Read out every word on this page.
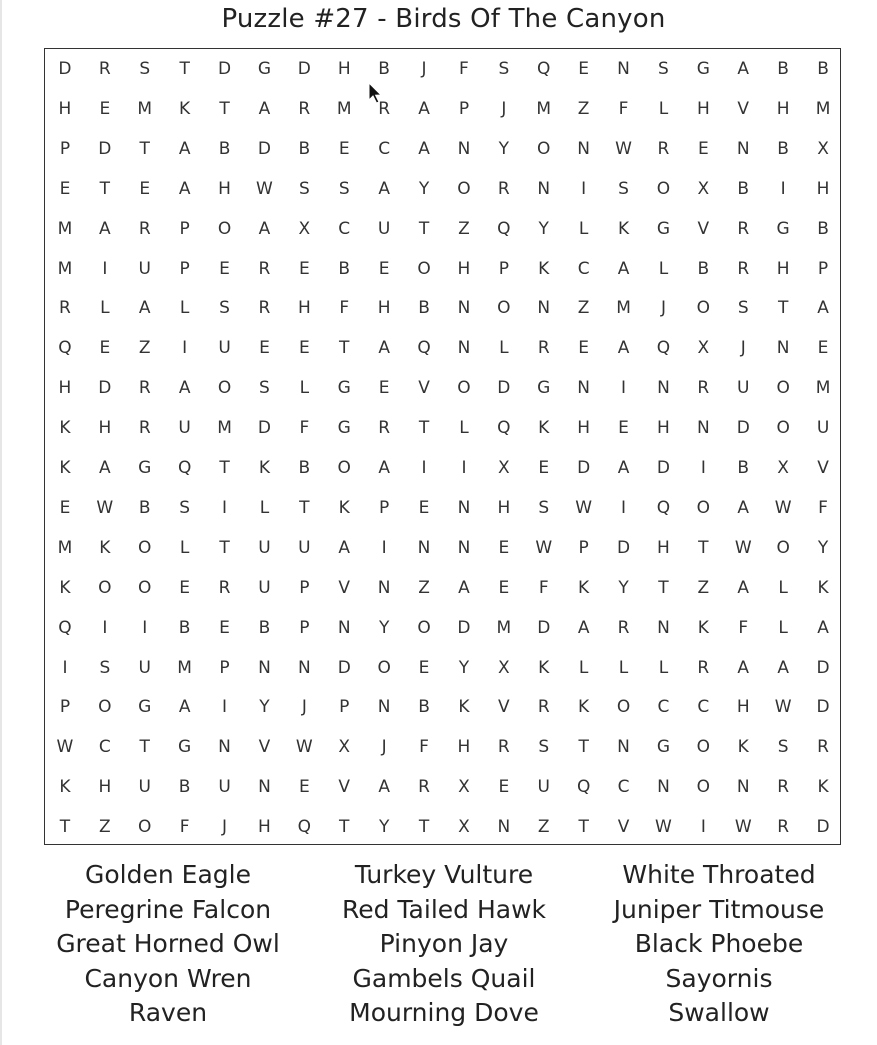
Puzzle #27 - Birds Of The Canyon
D	R	S	T	D	G	D	H	B	J	F	S	Q	E	N	S	G	A	B	B
H	E	M	K	T	A	R	M	R	A	P	J	M	Z	F	L	H	V	H	M
P	D	T	A	B	D	B	E	C	A	N	Y	O	N	W	R	E	N	B	X
E	T	E	A	H	W	S	S	A	Y	O	R	N	I	S	O	X	B	I	H
M	A	R	P	O	A	X	C	U	T	Z	Q	Y	L	K	G	V	R	G	B
M	I	U	P	E	R	E	B	E	O	H	P	K	C	A	L	B	R	H	P
R	L	A	L	S	R	H	F	H	B	N	O	N	Z	M	J	O	S	T	A
Q	E	Z	I	U	E	E	T	A	Q	N	L	R	E	A	Q	X	J	N	E
H	D	R	A	O	S	L	G	E	V	O	D	G	N	I	N	R	U	O	M
K	H	R	U	M	D	F	G	R	T	L	Q	K	H	E	H	N	D	O	U
K	A	G	Q	T	K	B	O	A	I	I	X	E	D	A	D	I	B	X	V
E	W	B	S	I	L	T	K	P	E	N	H	S	W	I	Q	O	A	W	F
M	K	O	L	T	U	U	A	I	N	N	E	W	P	D	H	T	W	O	Y
K	O	O	E	R	U	P	V	N	Z	A	E	F	K	Y	T	Z	A	L	K
Q	I	I	B	E	B	P	N	Y	O	D	M	D	A	R	N	K	F	L	A
I	S	U	M	P	N	N	D	O	E	Y	X	K	L	L	L	R	A	A	D
P	O	G	A	I	Y	J	P	N	B	K	V	R	K	O	C	C	H	W	D
W	C	T	G	N	V	W	X	J	F	H	R	S	T	N	G	O	K	S	R
K	H	U	B	U	N	E	V	A	R	X	E	U	Q	C	N	O	N	R	K
T	Z	O	F	J	H	Q	T	Y	T	X	N	Z	T	V	W	I	W	R	D
Golden Eagle
Peregrine Falcon
Great Horned Owl
Canyon Wren
Raven
Turkey Vulture
Red Tailed Hawk
Pinyon Jay
Gambels Quail
Mourning Dove
White Throated
Juniper Titmouse
Black Phoebe
Sayornis
Swallow
